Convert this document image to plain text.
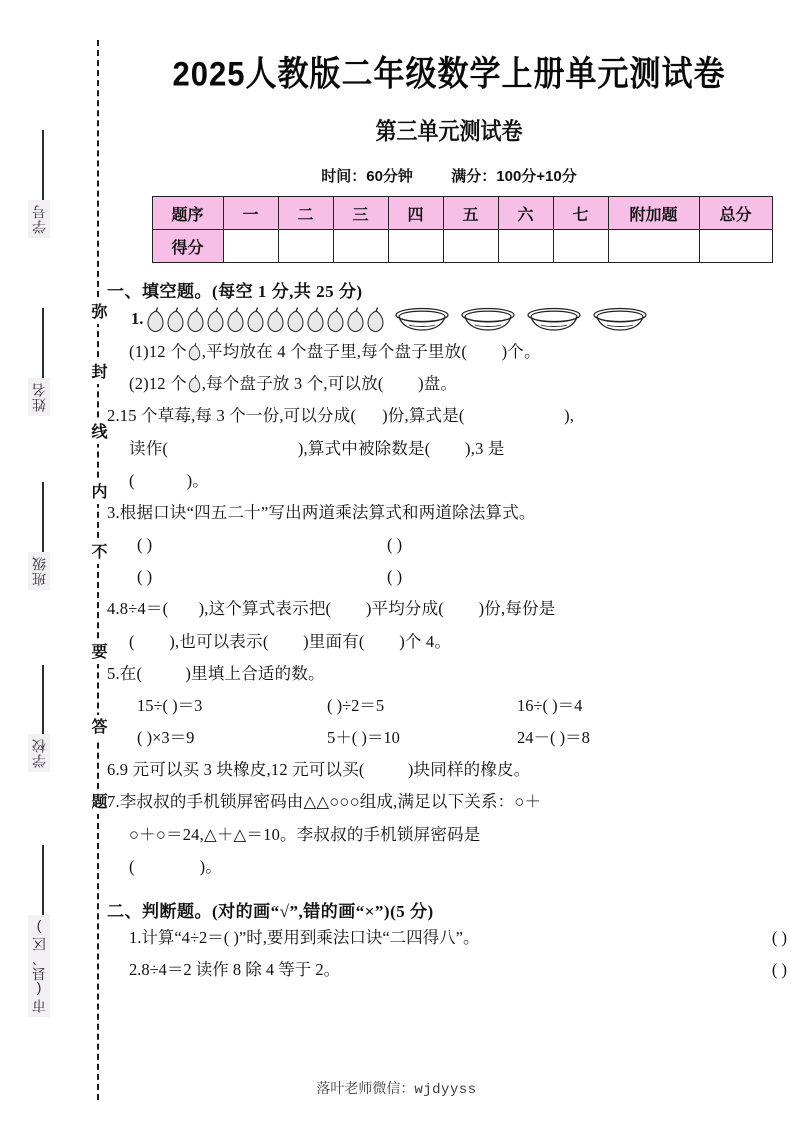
弥
封
线
内
不
要
答
题
学号
姓名
班级
学校
市(县、区)
2025人教版二年级数学上册单元测试卷
第三单元测试卷
时间：60分钟	满分：100分+10分
题序	一	二	三	四	五	六	七	附加题	总分
得分									
一、填空题。(每空 1 分,共 25 分)
1.
(1)12 个 ,平均放在 4 个盘子里,每个盘子里放(        )个。
(2)12 个 ,每个盘子放 3 个,可以放(        )盘。
2.15 个草莓,每 3 个一份,可以分成(      )份,算式是(                       ),
读作(                              ),算式中被除数是(        ),3 是
(            )。
3.根据口诀“四五二十”写出两道乘法算式和两道除法算式。
( )	( )
( )	( )
4.8÷4＝(       ),这个算式表示把(        )平均分成(        )份,每份是
(        ),也可以表示(        )里面有(        )个 4。
5.在(          )里填上合适的数。
15÷( )＝3	( )÷2＝5	16÷( )＝4
( )×3＝9	5＋( )＝10	24－( )＝8
6.9 元可以买 3 块橡皮,12 元可以买(          )块同样的橡皮。
7.李叔叔的手机锁屏密码由△△○○○组成,满足以下关系：○＋
○＋○＝24,△＋△＝10。李叔叔的手机锁屏密码是
(               )。
二、判断题。(对的画“√”,错的画“×”)(5 分)
1.计算“4÷2＝( )”时,要用到乘法口诀“二四得八”。	( )
2.8÷4＝2 读作 8 除 4 等于 2。	( )
落叶老师微信：wjdyyss
